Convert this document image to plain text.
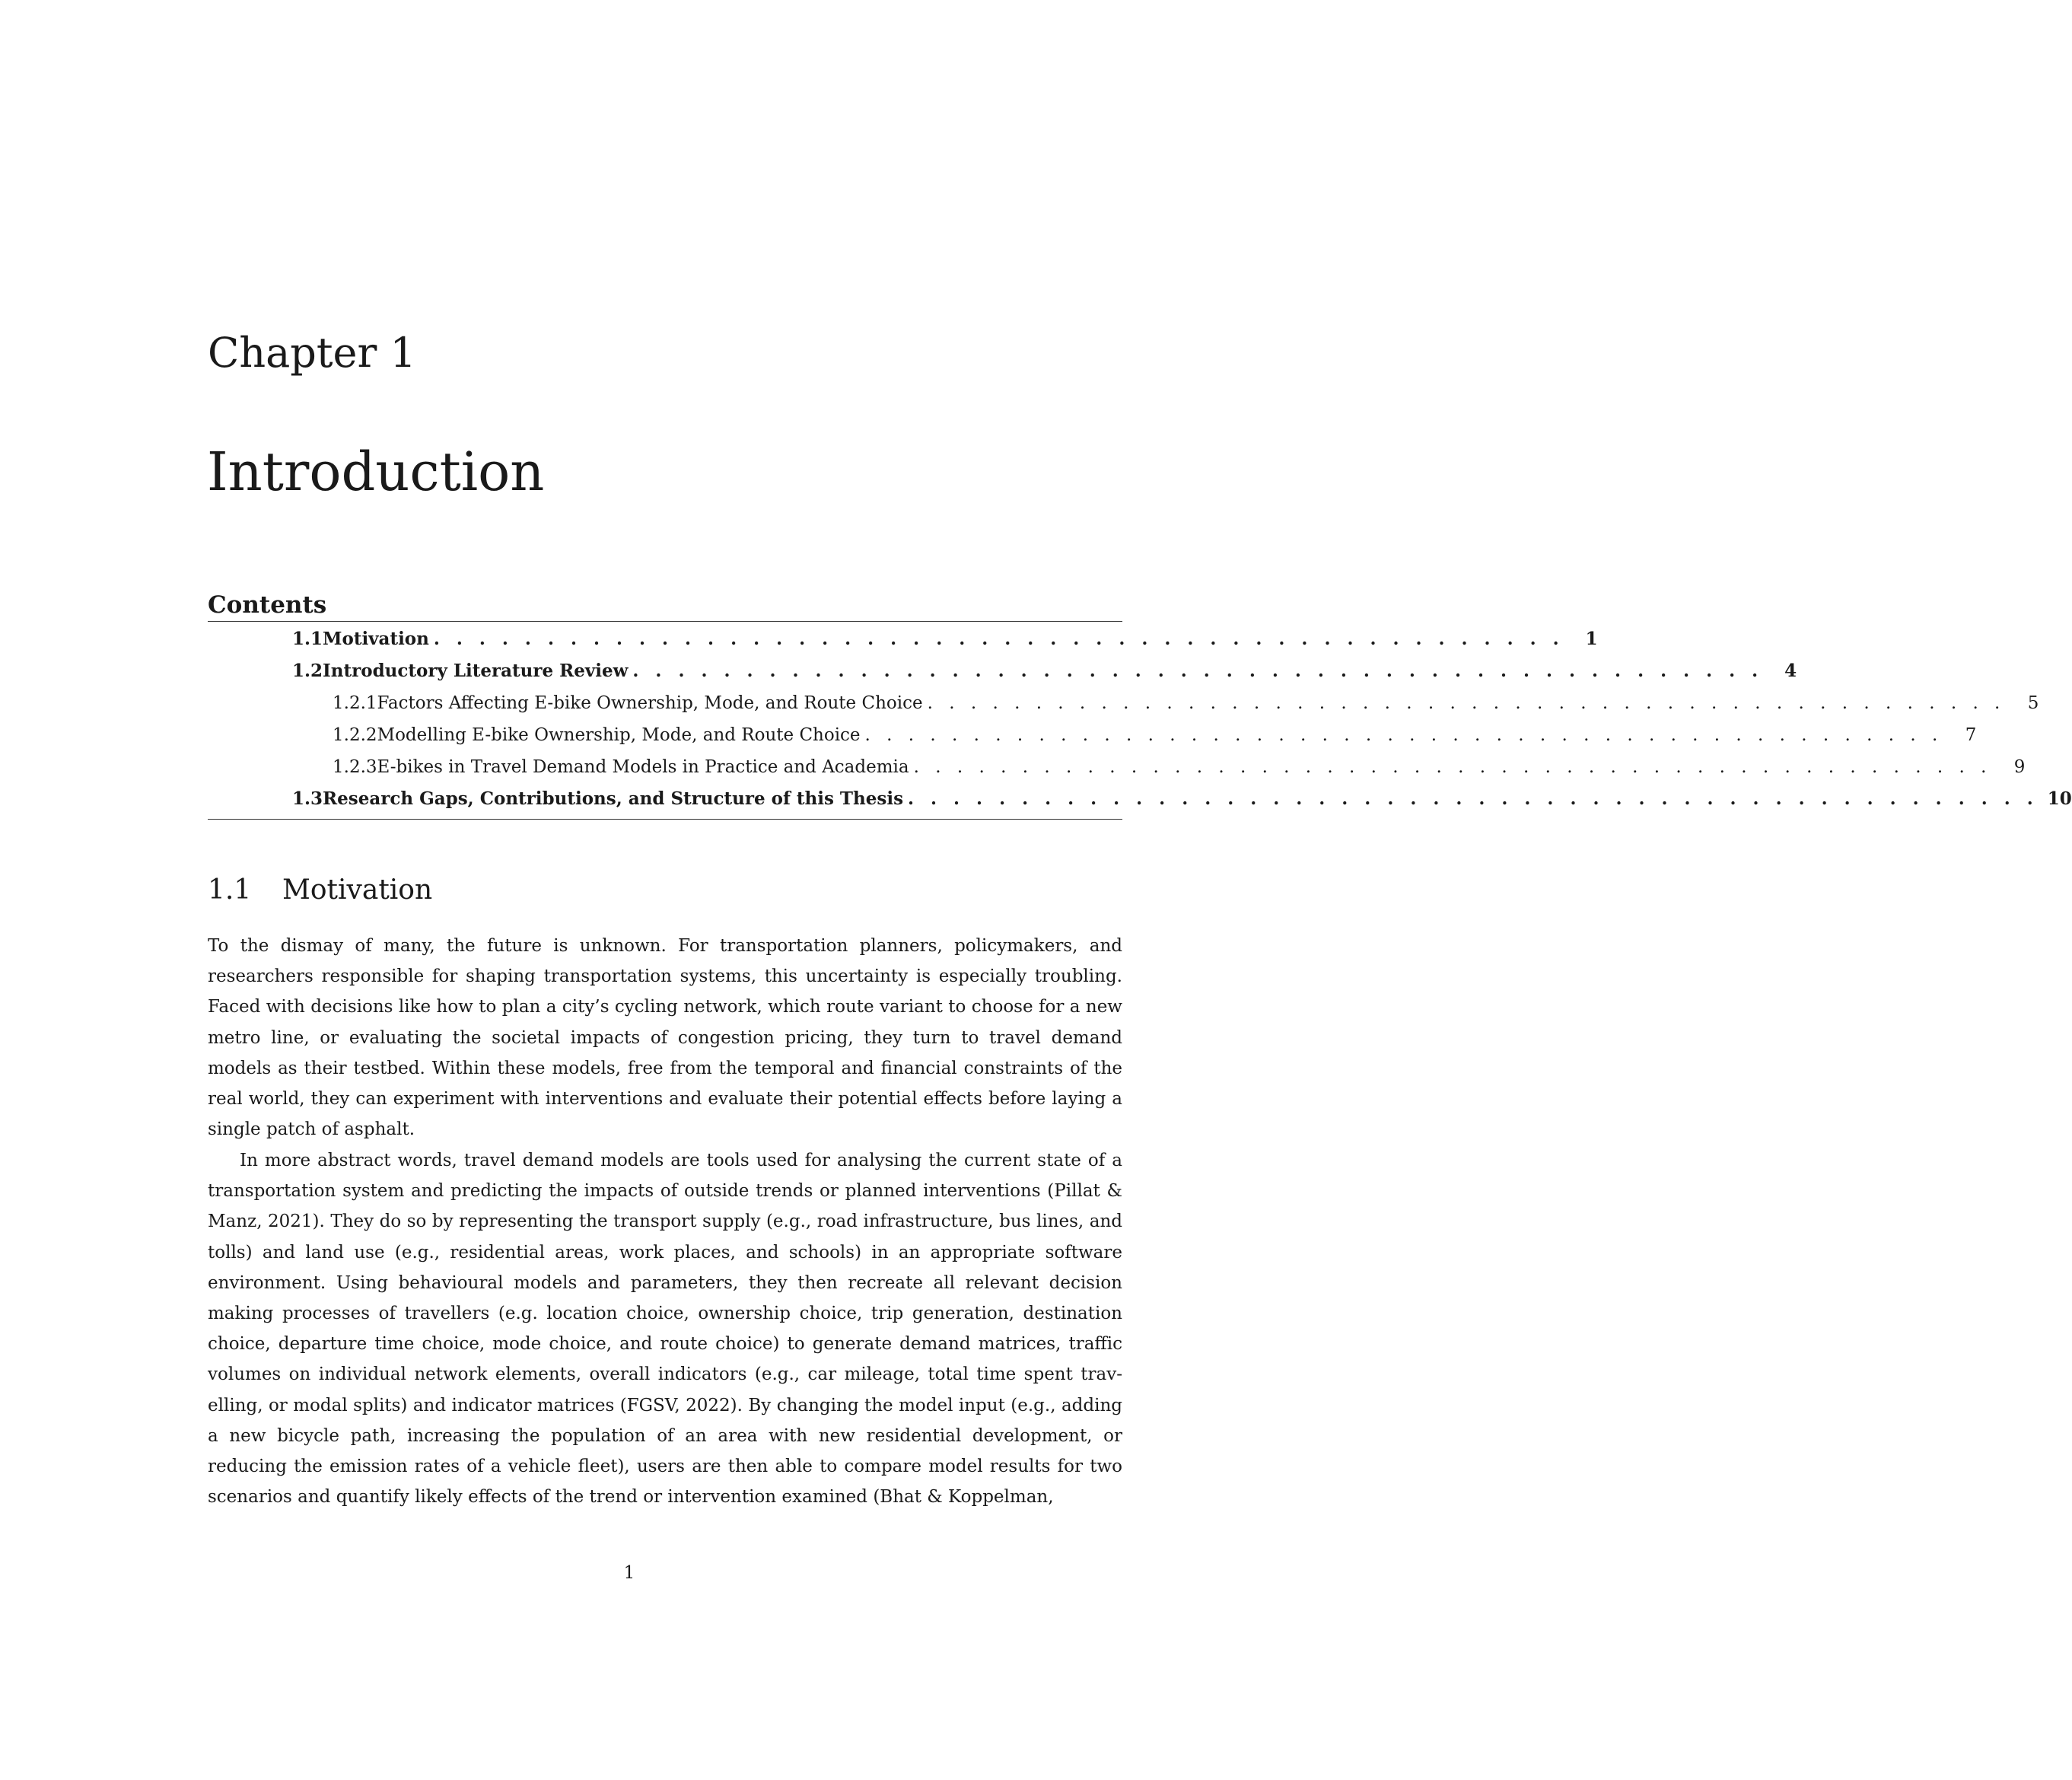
Chapter 1
Introduction
Contents
1.1 Motivation . . . . . . . . . . . . . . . . . . . . . . . . . . . . . . . . . . . . . . . . . . . . . . . . . .	1
1.2 Introductory Literature Review . . . . . . . . . . . . . . . . . . . . . . . . . . . . . . . . . . . . . . . . . . . . . . . . . .	4
1.2.1 Factors Affecting E-bike Ownership, Mode, and Route Choice . . . . . . . . . . . . . . . . . . . . . . . . . . . . . . . . . . . . . . . . . . . . . . . . . .	5
1.2.2 Modelling E-bike Ownership, Mode, and Route Choice . . . . . . . . . . . . . . . . . . . . . . . . . . . . . . . . . . . . . . . . . . . . . . . . . .	7
1.2.3 E-bikes in Travel Demand Models in Practice and Academia . . . . . . . . . . . . . . . . . . . . . . . . . . . . . . . . . . . . . . . . . . . . . . . . . .	9
1.3 Research Gaps, Contributions, and Structure of this Thesis . . . . . . . . . . . . . . . . . . . . . . . . . . . . . . . . . . . . . . . . . . . . . . . . . . 10
1.1	Motivation

To the dismay of many, the future is unknown. For transportation planners, policymakers, and researchers responsible for shaping transportation systems, this uncertainty is especially troubling. Faced with decisions like how to plan a city’s cycling network, which route variant to choose for a new metro line, or evaluating the societal impacts of congestion pricing, they turn to travel demand models as their testbed. Within these models, free from the temporal and financial constraints of the real world, they can experiment with interventions and evaluate their potential effects before laying a single patch of asphalt.

In more abstract words, travel demand models are tools used for analysing the current state of a transportation system and predicting the impacts of outside trends or planned interventions (Pillat & Manz, 2021). They do so by representing the transport supply (e.g., road infrastructure, bus lines, and tolls) and land use (e.g., residential areas, work places, and schools) in an appropriate software environment. Using behavioural models and parameters, they then recreate all relevant decision making processes of travellers (e.g. location choice, ownership choice, trip generation, destination choice, departure time choice, mode choice, and route choice) to generate demand matrices, traffic volumes on individual network elements, overall indicators (e.g., car mileage, total time spent trav-elling, or modal splits) and indicator matrices (FGSV, 2022). By changing the model input (e.g., adding a new bicycle path, increasing the population of an area with new residential development, or reducing the emission rates of a vehicle fleet), users are then able to compare model results for two scenarios and quantify likely effects of the trend or intervention examined (Bhat & Koppelman,

1
